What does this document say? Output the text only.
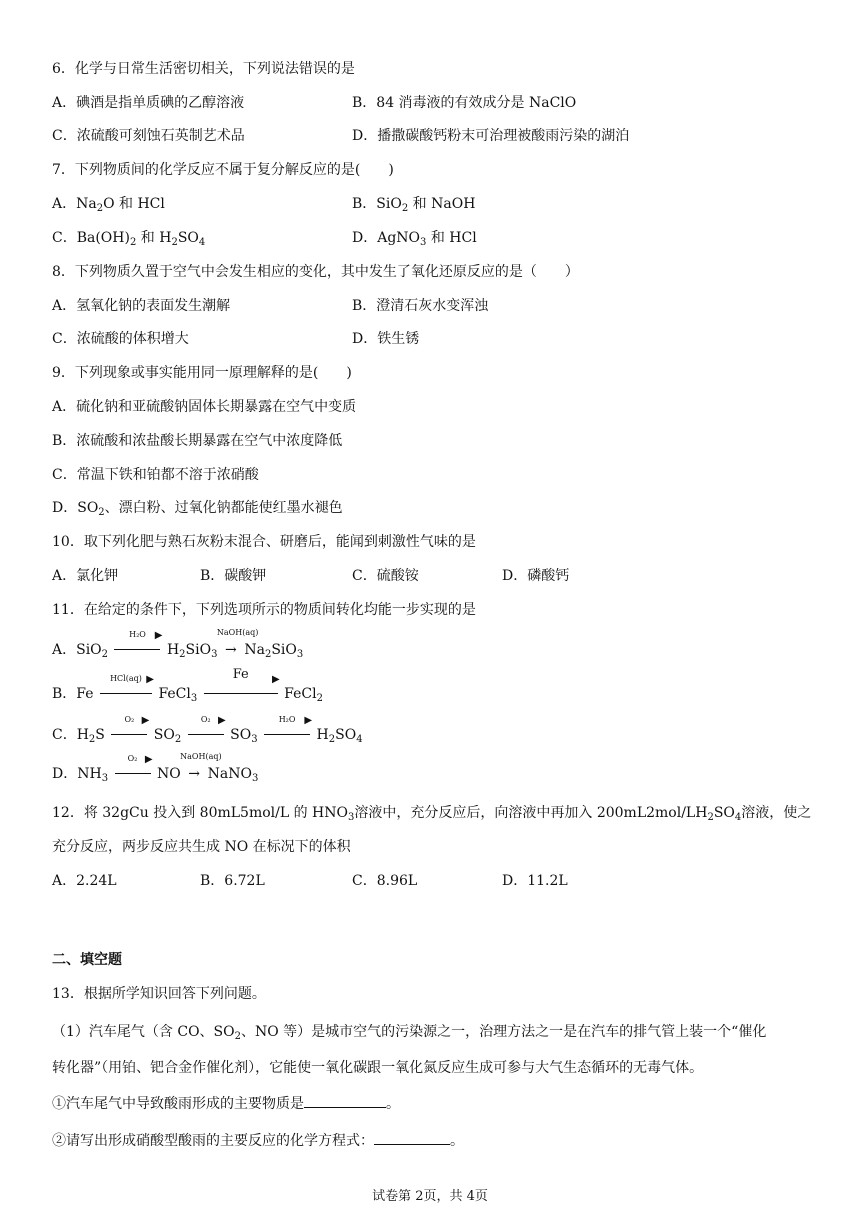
6．化学与日常生活密切相关，下列说法错误的是
A．碘酒是指单质碘的乙醇溶液	B．84 消毒液的有效成分是 NaClO
C．浓硫酸可刻蚀石英制艺术品	D．播撒碳酸钙粉末可治理被酸雨污染的湖泊
7．下列物质间的化学反应不属于复分解反应的是(　　)
A．$Na_2O$ 和 HCl	B．SiO$_2$ 和 NaOH
C．$Ba(OH)_2$ 和 $H_2SO_4$	D．AgNO$_3$ 和 HCl
8．下列物质久置于空气中会发生相应的变化，其中发生了氧化还原反应的是（　　）
A．氢氧化钠的表面发生潮解	B．澄清石灰水变浑浊
C．浓硫酸的体积增大	D．铁生锈
9．下列现象或事实能用同一原理解释的是(　　)
A．硫化钠和亚硫酸钠固体长期暴露在空气中变质
B．浓硫酸和浓盐酸长期暴露在空气中浓度降低
C．常温下铁和铂都不溶于浓硝酸
D．$SO_2$、漂白粉、过氧化钠都能使红墨水褪色
10．取下列化肥与熟石灰粉末混合、研磨后，能闻到刺激性气味的是
A．氯化钾	B．碳酸钾	C．硫酸铵	D．磷酸钙
11．在给定的条件下，下列选项所示的物质间转化均能一步实现的是
A．SiO$_2$
H₂O ▶
$H_2SiO_3$
NaOH(aq)
→ $Na_2SiO_3$
B．Fe
HCl(aq) ▶
FeCl$_3$
Fe	▶
FeCl$_2$
C．$H_2S$
O₂ ▶
$SO_2$
O₂ ▶
$SO_3$
H₂O ▶
$H_2SO_4$
D．$NH_3$
O₂ ▶
NO
NaOH(aq)
→ NaNO$_3$
12．将 32gCu 投入到 80mL5mol/L 的 $HNO_3$溶液中，充分反应后，向溶液中再加入 $200mL2mol/LH_2SO_4$溶液，使之
充分反应，两步反应共生成 NO 在标况下的体积
A．2.24L	B．6.72L	C．8.96L	D．11.2L
二、填空题
13．根据所学知识回答下列问题。
（1）汽车尾气（含 CO、$SO_2$、NO 等）是城市空气的污染源之一，治理方法之一是在汽车的排气管上装一个“催化
转化器”（用铂、钯合金作催化剂），它能使一氧化碳跟一氧化氮反应生成可参与大气生态循环的无毒气体。
①汽车尾气中导致酸雨形成的主要物质是	。
②请写出形成硝酸型酸雨的主要反应的化学方程式：	。
试卷第 2页，共 4页
